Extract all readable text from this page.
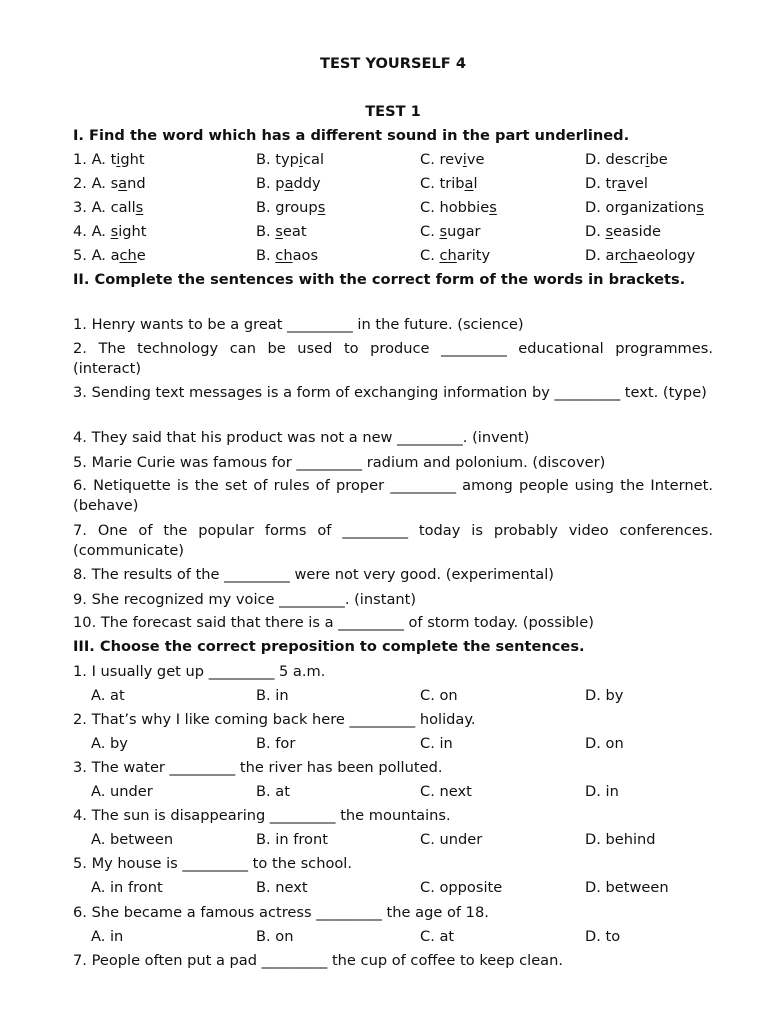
TEST YOURSELF 4
TEST 1
I. Find the word which has a different sound in the part underlined.
1. A. tight	B. typical	C. revive	D. describe
2. A. sand	B. paddy	C. tribal	D. travel
3. A. calls	B. groups	C. hobbies	D. organizations
4. A. sight	B. seat	C. sugar	D. seaside
5. A. ache	B. chaos	C. charity	D. archaeology
II. Complete the sentences with the correct form of the words in brackets.
1. Henry wants to be a great _________ in the future. (science)
2. The technology can be used to produce _________ educational programmes. (interact)
3. Sending text messages is a form of exchanging information by _________ text. (type)
4. They said that his product was not a new _________. (invent)
5. Marie Curie was famous for _________ radium and polonium. (discover)
6. Netiquette is the set of rules of proper _________ among people using the Internet. (behave)
7. One of the popular forms of _________ today is probably video conferences. (communicate)
8. The results of the _________ were not very good. (experimental)
9. She recognized my voice _________. (instant)
10. The forecast said that there is a _________ of storm today. (possible)
III. Choose the correct preposition to complete the sentences.
1. I usually get up _________ 5 a.m.
A. at	B. in	C. on	D. by
2. That’s why I like coming back here _________ holiday.
A. by	B. for	C. in	D. on
3. The water _________ the river has been polluted.
A. under	B. at	C. next	D. in
4. The sun is disappearing _________ the mountains.
A. between	B. in front	C. under	D. behind
5. My house is _________ to the school.
A. in front	B. next	C. opposite	D. between
6. She became a famous actress _________ the age of 18.
A. in	B. on	C. at	D. to
7. People often put a pad _________ the cup of coffee to keep clean.
